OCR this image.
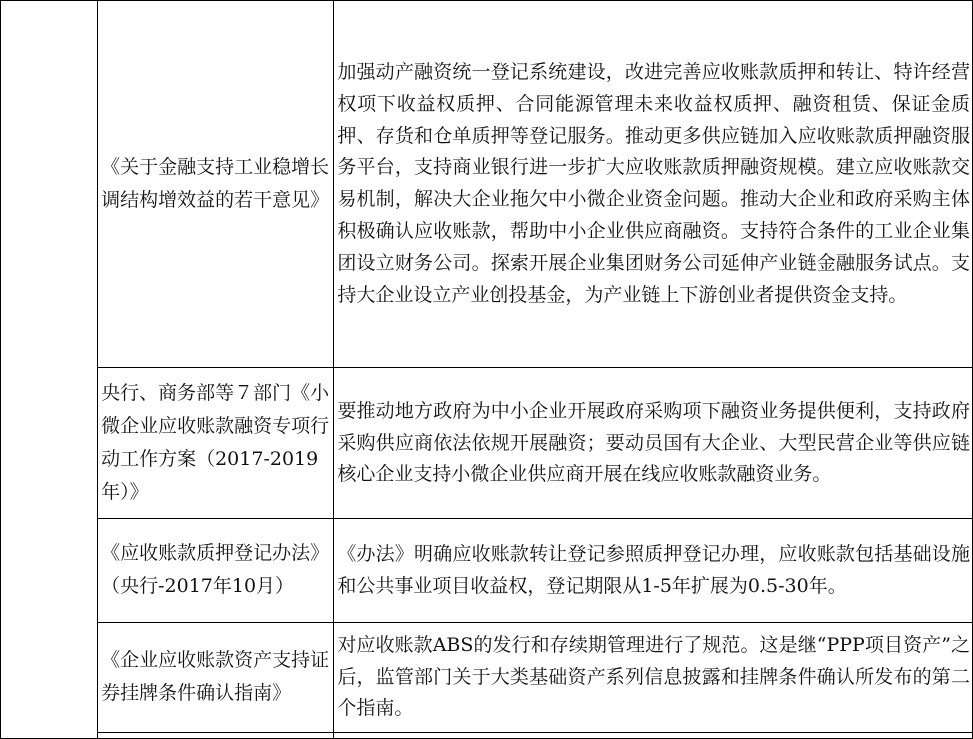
	《关于金融支持工业稳增长调结构增效益的若干意见》	加强动产融资统一登记系统建设，改进完善应收账款质押和转让、特许经营权项下收益权质押、合同能源管理未来收益权质押、融资租赁、保证金质押、存货和仓单质押等登记服务。推动更多供应链加入应收账款质押融资服务平台，支持商业银行进一步扩大应收账款质押融资规模。建立应收账款交易机制，解决大企业拖欠中小微企业资金问题。推动大企业和政府采购主体积极确认应收账款，帮助中小企业供应商融资。支持符合条件的工业企业集团设立财务公司。探索开展企业集团财务公司延伸产业链金融服务试点。支持大企业设立产业创投基金，为产业链上下游创业者提供资金支持。

	央行、商务部等７部门《小微企业应收账款融资专项行动工作方案（2017-2019年）》	要推动地方政府为中小企业开展政府采购项下融资业务提供便利，支持政府采购供应商依法依规开展融资；要动员国有大企业、大型民营企业等供应链核心企业支持小微企业供应商开展在线应收账款融资业务。

	《应收账款质押登记办法》（央行-2017年10月）	《办法》明确应收账款转让登记参照质押登记办理，应收账款包括基础设施和公共事业项目收益权，登记期限从1-5年扩展为0.5-30年。

	《企业应收账款资产支持证券挂牌条件确认指南》	对应收账款ABS的发行和存续期管理进行了规范。这是继“PPP项目资产”之后，监管部门关于大类基础资产系列信息披露和挂牌条件确认所发布的第二个指南。
